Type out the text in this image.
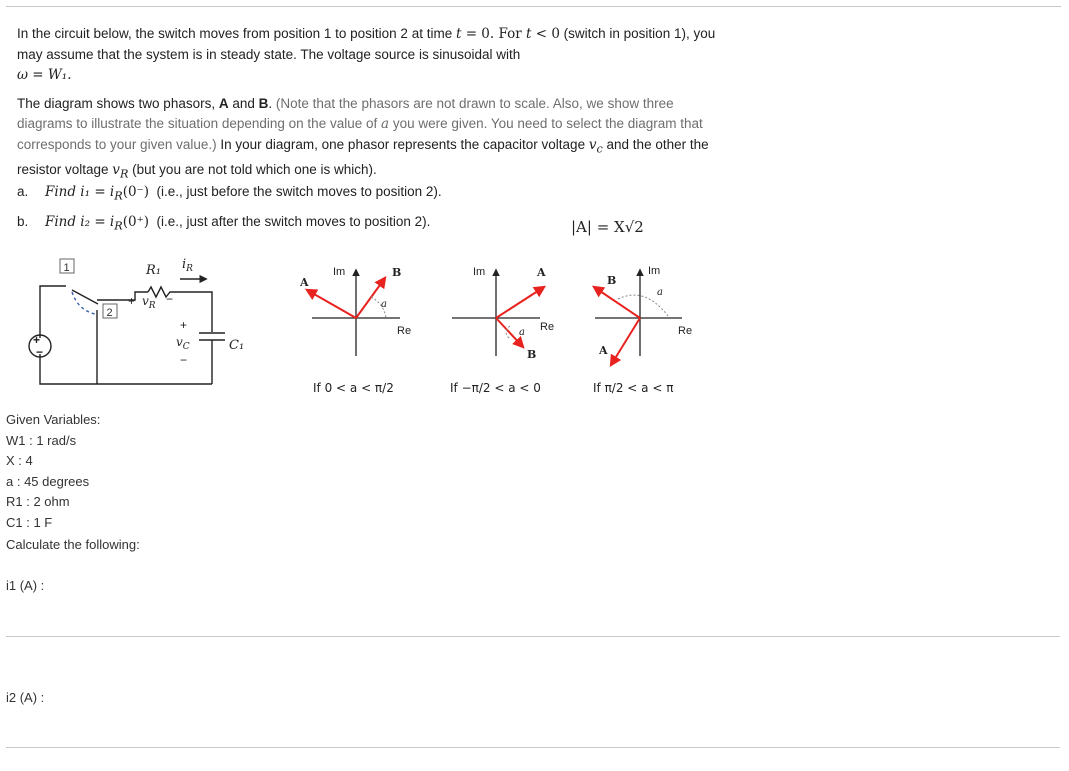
In the circuit below, the switch moves from position 1 to position 2 at time t = 0. For t < 0 (switch in position 1), you may assume that the system is in steady state. The voltage source is sinusoidal with
ω = W₁.

The diagram shows two phasors, A and B. (Note that the phasors are not drawn to scale. Also, we show three diagrams to illustrate the situation depending on the value of a you were given. You need to select the diagram that corresponds to your given value.) In your diagram, one phasor represents the capacitor voltage $v_c$ and the other the resistor voltage $v_R$ (but you are not told which one is which).

a.	Find $i_1 = i_R(0^-)$ (i.e., just before the switch moves to position 2).
b.	Find $i_2 = i_R(0^+)$ (i.e., just after the switch moves to position 2).	|A| = X√2
1
2
+
−
R₁ $i_R$
+ $v_R$ −
+
$v_C$
−
C₁
Im
Re
A
B
a
If 0 < a < π/2
Im
Re
A
B
a
If −π/2 < a < 0
Im
Re
A
B
a
If π/2 < a < π
Given Variables:
W1 : 1 rad/s
X : 4
a : 45 degrees
R1 : 2 ohm
C1 : 1 F
Calculate the following:
i1 (A) :
i2 (A) :
